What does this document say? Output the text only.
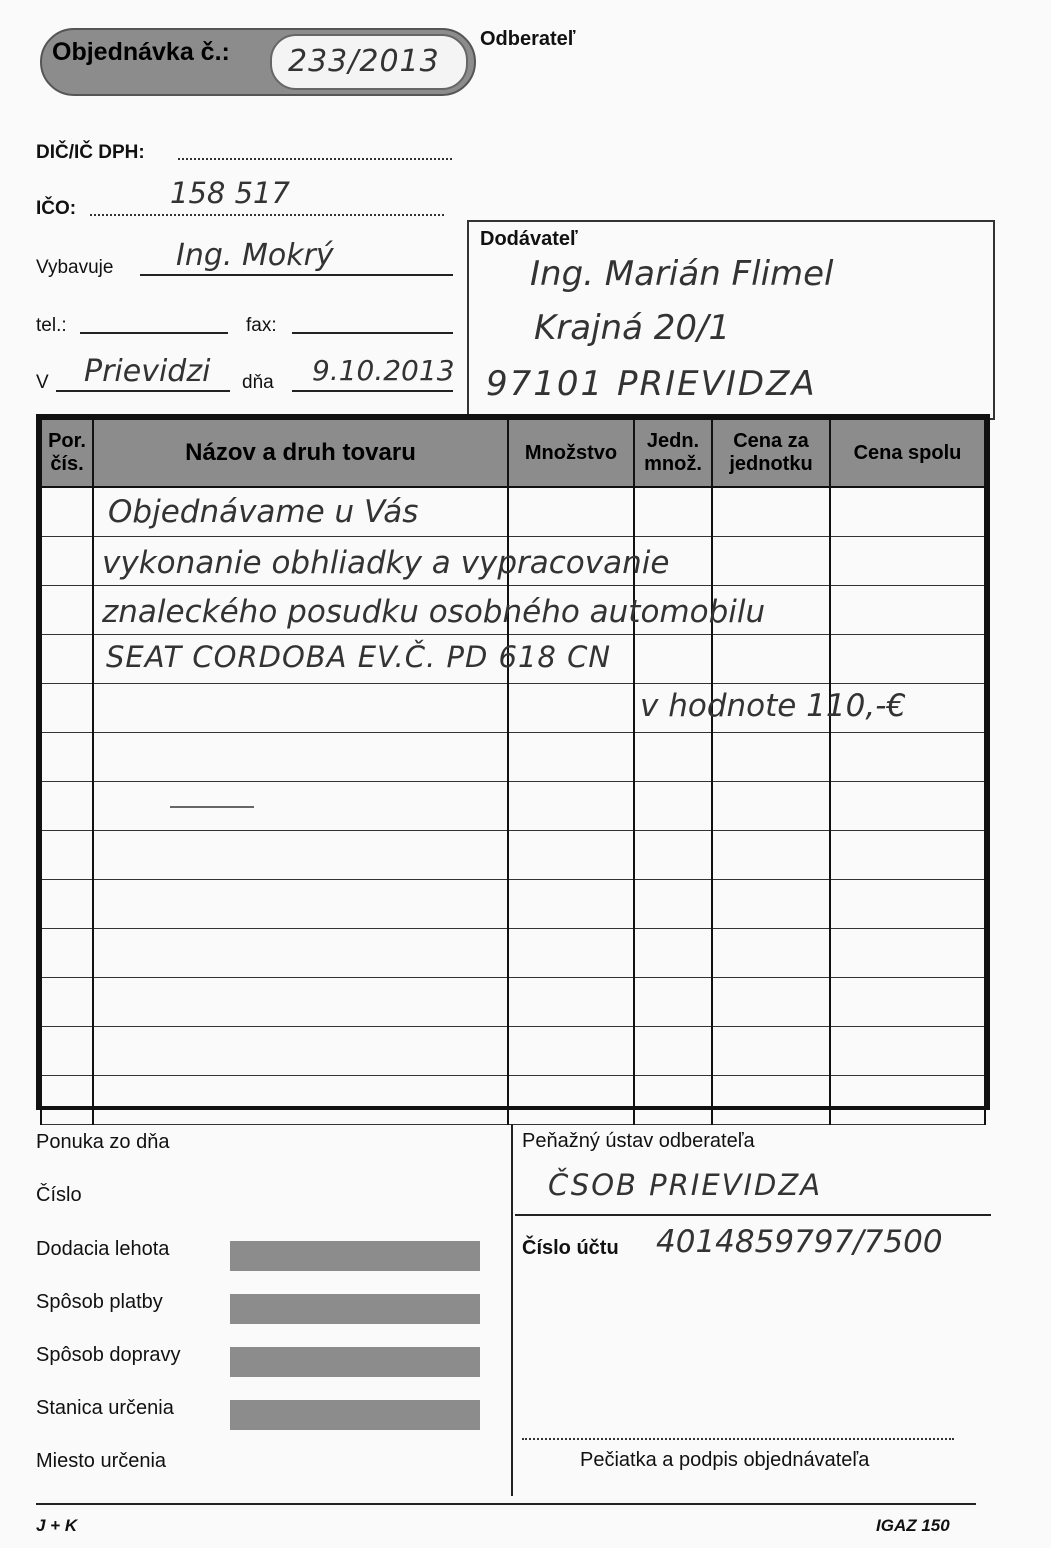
Objednávka č.: 233/2013
Odberateľ
DIČ/IČ DPH:
IČO:	158 517
Vybavuje Ing. Mokrý
tel.:	fax:
V Prievidzi dňa 9.10.2013
Dodávateľ
Ing. Marián Flimel
Krajná 20/1
97101 PRIEVIDZA
Por. čís.	Názov a druh tovaru	Množstvo	Jedn. množ.	Cena za jednotku	Cena spolu

Objednávame u Vás
vykonanie obhliadky a vypracovanie
znaleckého posudku osobného automobilu
SEAT CORDOBA EV.Č. PD 618 CN
v hodnote 110,-€
Ponuka zo dňa
Číslo
Dodacia lehota
Spôsob platby
Spôsob dopravy
Stanica určenia
Miesto určenia
Peňažný ústav odberateľa
ČSOB PRIEVIDZA
Číslo účtu 4014859797/7500
Pečiatka a podpis objednávateľa
J + K	IGAZ 150
